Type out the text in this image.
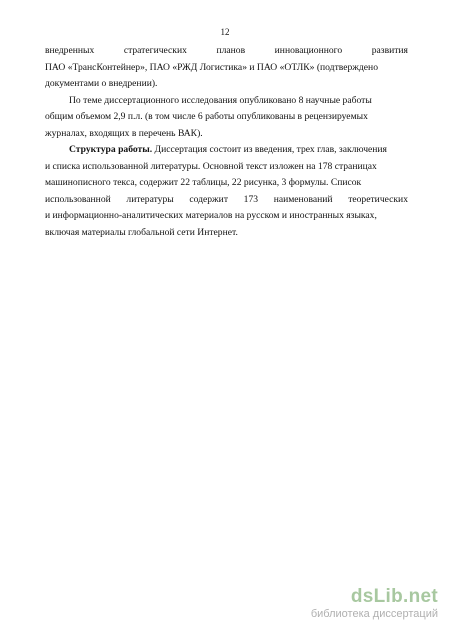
12
внедренных	стратегических	планов	инновационного	развития
ПАО «ТрансКонтейнер», ПАО «РЖД Логистика» и ПАО «ОТЛК» (подтверждено
документами о внедрении).
По теме диссертационного исследования опубликовано 8 научные работы
общим объемом 2,9 п.л. (в том числе 6 работы опубликованы в рецензируемых
журналах, входящих в перечень ВАК).
Структура работы. Диссертация состоит из введения, трех глав, заключения
и списка использованной литературы. Основной текст изложен на 178 страницах
машинописного текса, содержит 22 таблицы, 22 рисунка, 3 формулы. Список
использованной литературы содержит 173 наименований теоретических
и информационно-аналитических материалов на русском и иностранных языках,
включая материалы глобальной сети Интернет.
dsLib.net
библиотека диссертаций
